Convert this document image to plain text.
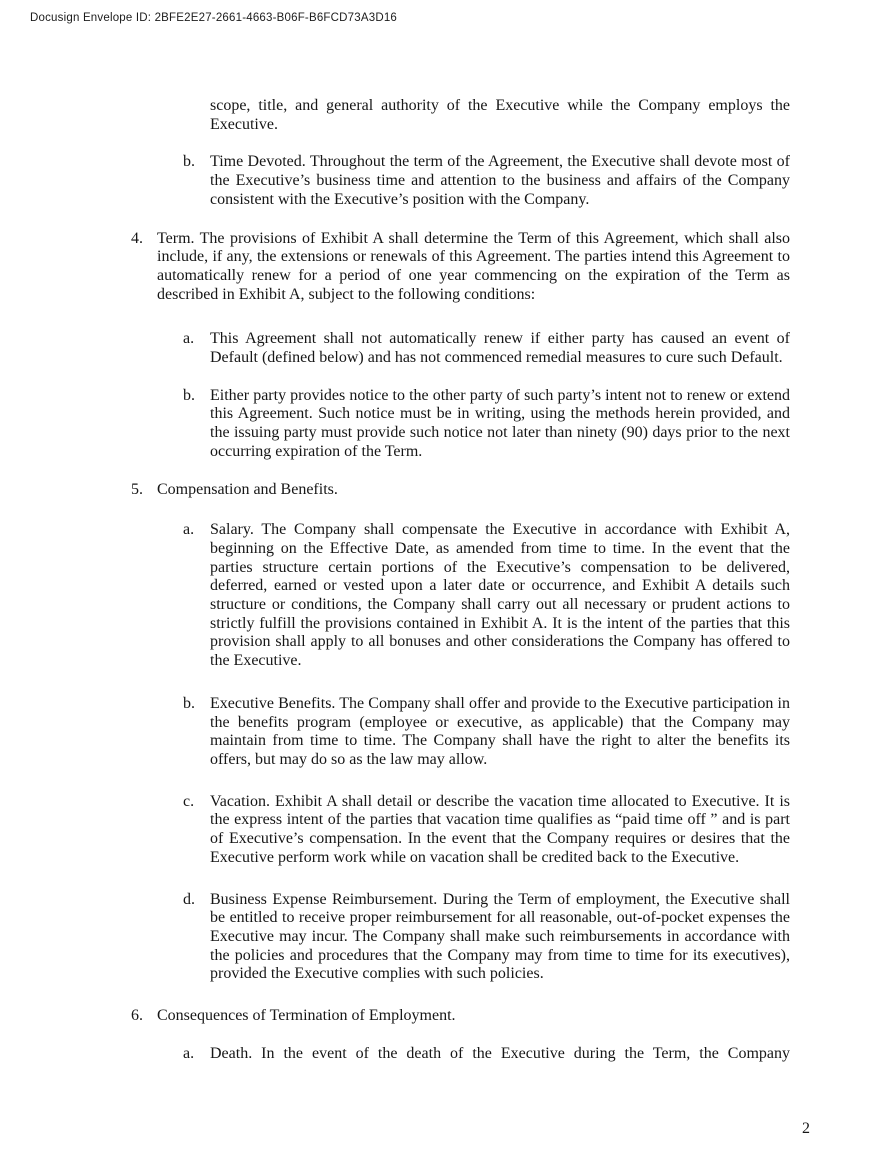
Docusign Envelope ID: 2BFE2E27-2661-4663-B06F-B6FCD73A3D16
scope, title, and general authority of the Executive while the Company employs the Executive.
b. Time Devoted. Throughout the term of the Agreement, the Executive shall devote most of the Executive’s business time and attention to the business and affairs of the Company consistent with the Executive’s position with the Company.
4. Term. The provisions of Exhibit A shall determine the Term of this Agreement, which shall also include, if any, the extensions or renewals of this Agreement. The parties intend this Agreement to automatically renew for a period of one year commencing on the expiration of the Term as described in Exhibit A, subject to the following conditions:
a. This Agreement shall not automatically renew if either party has caused an event of Default (defined below) and has not commenced remedial measures to cure such Default.
b. Either party provides notice to the other party of such party’s intent not to renew or extend this Agreement. Such notice must be in writing, using the methods herein provided, and the issuing party must provide such notice not later than ninety (90) days prior to the next occurring expiration of the Term.
5. Compensation and Benefits.
a. Salary. The Company shall compensate the Executive in accordance with Exhibit A, beginning on the Effective Date, as amended from time to time. In the event that the parties structure certain portions of the Executive’s compensation to be delivered, deferred, earned or vested upon a later date or occurrence, and Exhibit A details such structure or conditions, the Company shall carry out all necessary or prudent actions to strictly fulfill the provisions contained in Exhibit A. It is the intent of the parties that this provision shall apply to all bonuses and other considerations the Company has offered to the Executive.
b. Executive Benefits. The Company shall offer and provide to the Executive participation in the benefits program (employee or executive, as applicable) that the Company may maintain from time to time. The Company shall have the right to alter the benefits its offers, but may do so as the law may allow.
c. Vacation. Exhibit A shall detail or describe the vacation time allocated to Executive. It is the express intent of the parties that vacation time qualifies as “paid time off ” and is part of Executive’s compensation. In the event that the Company requires or desires that the Executive perform work while on vacation shall be credited back to the Executive.
d. Business Expense Reimbursement. During the Term of employment, the Executive shall be entitled to receive proper reimbursement for all reasonable, out-of-pocket expenses the Executive may incur. The Company shall make such reimbursements in accordance with the policies and procedures that the Company may from time to time for its executives), provided the Executive complies with such policies.
6. Consequences of Termination of Employment.
a. Death. In the event of the death of the Executive during the Term, the Company
2
